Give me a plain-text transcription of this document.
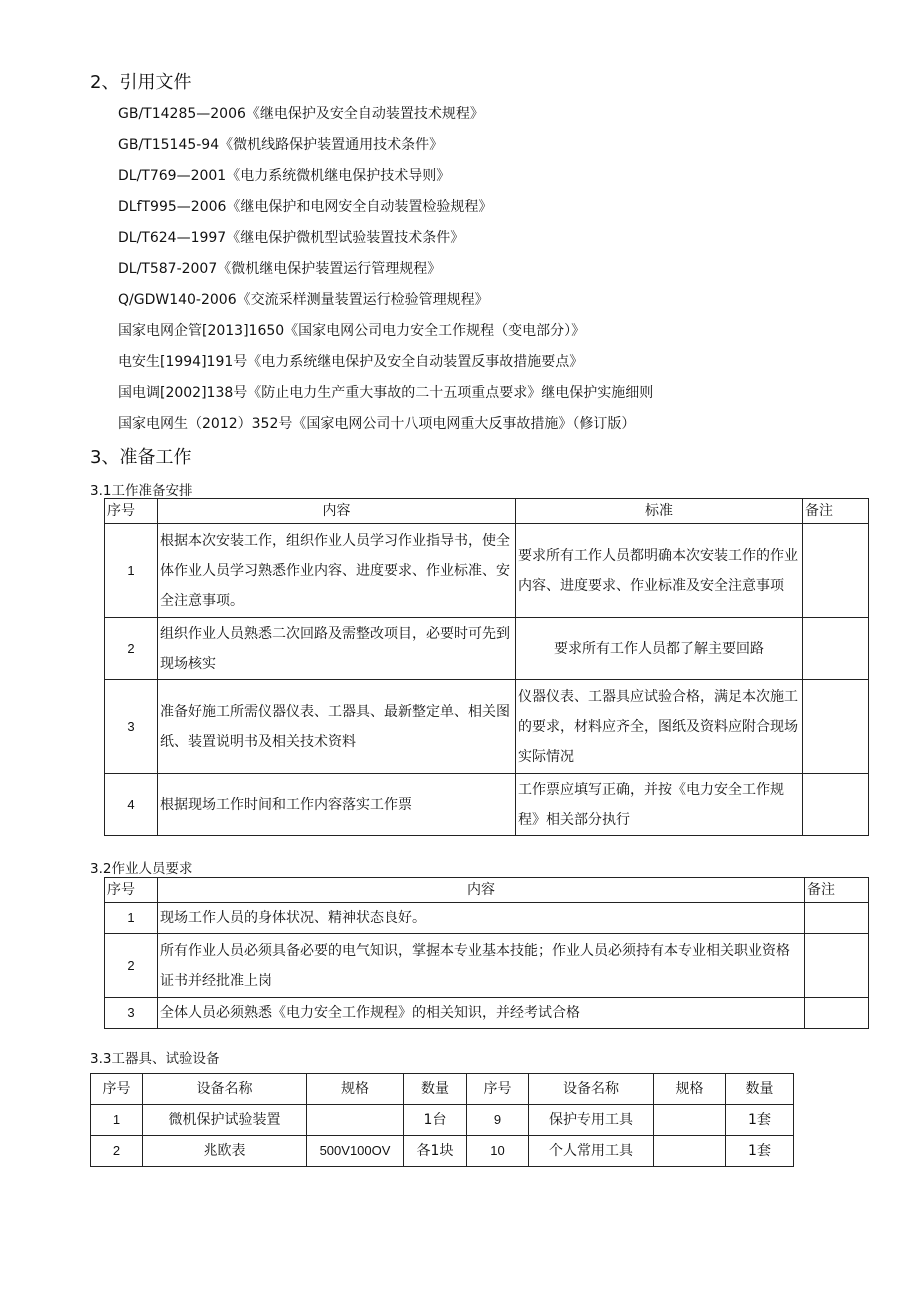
2、引用文件
GB/T14285—2006《继电保护及安全自动装置技术规程》
GB/T15145-94《微机线路保护装置通用技术条件》
DL/T769—2001《电力系统微机继电保护技术导则》
DLfT995—2006《继电保护和电网安全自动装置检验规程》
DL/T624—1997《继电保护微机型试验装置技术条件》
DL/T587-2007《微机继电保护装置运行管理规程》
Q/GDW140-2006《交流采样测量装置运行检验管理规程》
国家电网企管[2013]1650《国家电网公司电力安全工作规程（变电部分）》
电安生[1994]191号《电力系统继电保护及安全自动装置反事故措施要点》
国电调[2002]138号《防止电力生产重大事故的二十五项重点要求》继电保护实施细则
国家电网生（2012）352号《国家电网公司十八项电网重大反事故措施》（修订版）
3、准备工作
3.1工作准备安排
序号	内容	标准	备注
1	根据本次安装工作，组织作业人员学习作业指导书，使全体作业人员学习熟悉作业内容、进度要求、作业标准、安全注意事项。	要求所有工作人员都明确本次安装工作的作业内容、进度要求、作业标准及安全注意事项	
2	组织作业人员熟悉二次回路及需整改项目，必要时可先到现场核实	要求所有工作人员都了解主要回路	
3	准备好施工所需仪器仪表、工器具、最新整定单、相关图纸、装置说明书及相关技术资料	仪器仪表、工器具应试验合格，满足本次施工的要求，材料应齐全，图纸及资料应附合现场实际情况	
4	根据现场工作时间和工作内容落实工作票	工作票应填写正确，并按《电力安全工作规程》相关部分执行	
3.2作业人员要求
序号	内容	备注
1	现场工作人员的身体状况、精神状态良好。	
2	所有作业人员必须具备必要的电气知识，掌握本专业基本技能；作业人员必须持有本专业相关职业资格证书并经批准上岗	
3	全体人员必须熟悉《电力安全工作规程》的相关知识，并经考试合格	
3.3工器具、试验设备
序号	设备名称	规格	数量	序号	设备名称	规格	数量
1	微机保护试验装置		1台	9	保护专用工具		1套
2	兆欧表	500V100OV	各1块	10	个人常用工具		1套
